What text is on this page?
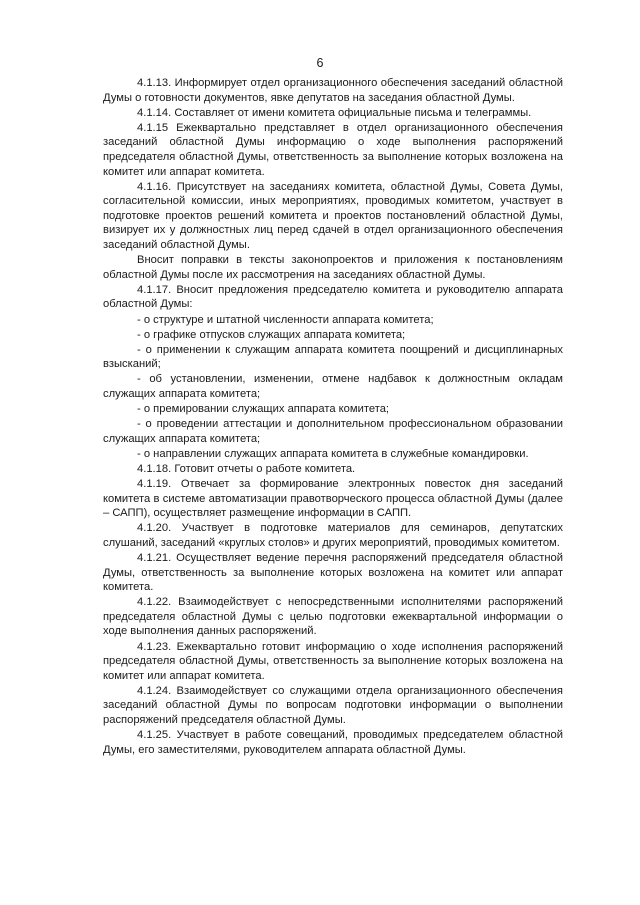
6

4.1.13. Информирует отдел организационного обеспечения заседаний областной Думы о готовности документов, явке депутатов на заседания областной Думы.

4.1.14. Составляет от имени комитета официальные письма и телеграммы.

4.1.15 Ежеквартально представляет в отдел организационного обеспечения заседаний областной Думы информацию о ходе выполнения распоряжений председателя областной Думы, ответственность за выполнение которых возложена на комитет или аппарат комитета.

4.1.16. Присутствует на заседаниях комитета, областной Думы, Совета Думы, согласительной комиссии, иных мероприятиях, проводимых комитетом, участвует в подготовке проектов решений комитета и проектов постановлений областной Думы, визирует их у должностных лиц перед сдачей в отдел организационного обеспечения заседаний областной Думы.

Вносит поправки в тексты законопроектов и приложения к постановлениям областной Думы после их рассмотрения на заседаниях областной Думы.

4.1.17. Вносит предложения председателю комитета и руководителю аппарата областной Думы:

- о структуре и штатной численности аппарата комитета;

- о графике отпусков служащих аппарата комитета;

- о применении к служащим аппарата комитета поощрений и дисциплинарных взысканий;

- об установлении, изменении, отмене надбавок к должностным окладам служащих аппарата комитета;

- о премировании служащих аппарата комитета;

- о проведении аттестации и дополнительном профессиональном образовании служащих аппарата комитета;

- о направлении служащих аппарата комитета в служебные командировки.

4.1.18. Готовит отчеты о работе комитета.

4.1.19. Отвечает за формирование электронных повесток дня заседаний комитета в системе автоматизации правотворческого процесса областной Думы (далее – САПП), осуществляет размещение информации в САПП.

4.1.20. Участвует в подготовке материалов для семинаров, депутатских слушаний, заседаний «круглых столов» и других мероприятий, проводимых комитетом.

4.1.21. Осуществляет ведение перечня распоряжений председателя областной Думы, ответственность за выполнение которых возложена на комитет или аппарат комитета.

4.1.22. Взаимодействует с непосредственными исполнителями распоряжений председателя областной Думы с целью подготовки ежеквартальной информации о ходе выполнения данных распоряжений.

4.1.23. Ежеквартально готовит информацию о ходе исполнения распоряжений председателя областной Думы, ответственность за выполнение которых возложена на комитет или аппарат комитета.

4.1.24. Взаимодействует со служащими отдела организационного обеспечения заседаний областной Думы по вопросам подготовки информации о выполнении распоряжений председателя областной Думы.

4.1.25. Участвует в работе совещаний, проводимых председателем областной Думы, его заместителями, руководителем аппарата областной Думы.
